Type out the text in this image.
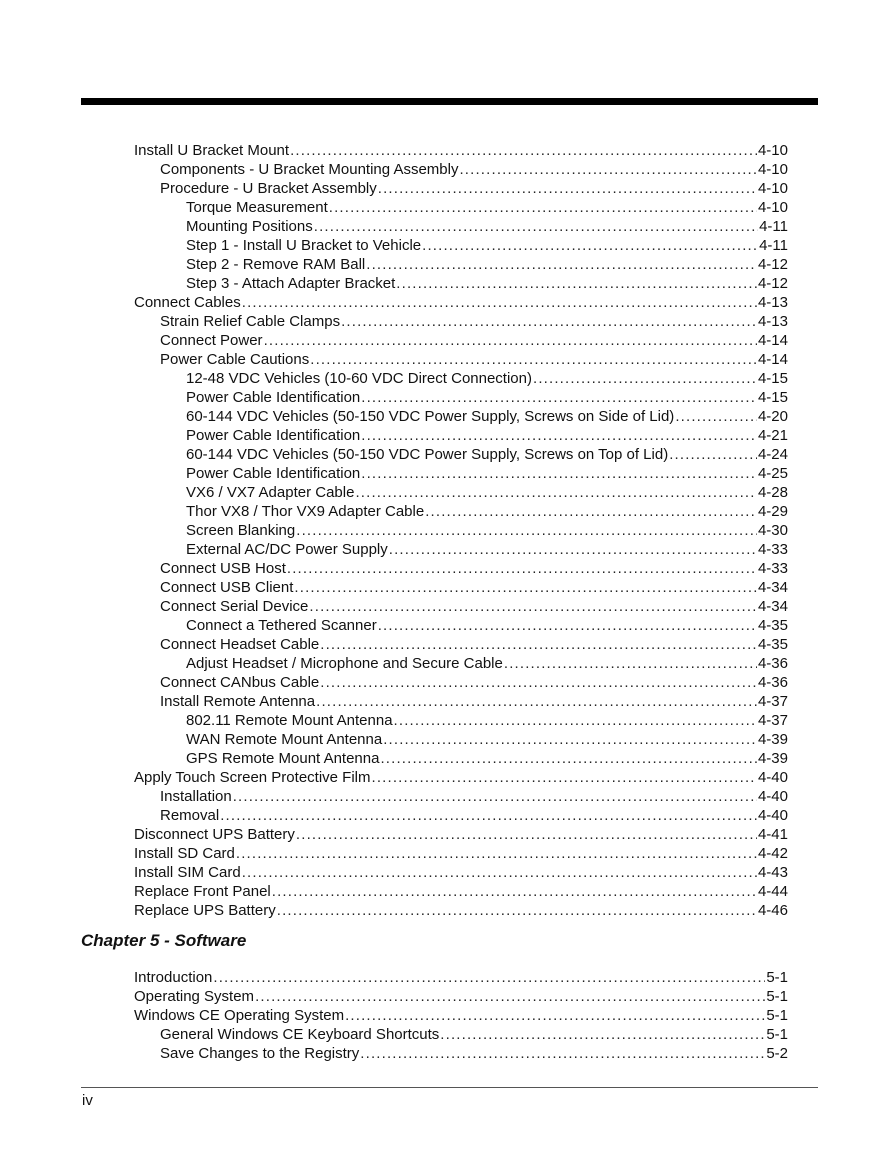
Install U Bracket Mount . . .	4-10
Components - U Bracket Mounting Assembly . . .	4-10
Procedure - U Bracket Assembly . . .	4-10
Torque Measurement . . .	4-10
Mounting Positions . . .	4-11
Step 1 - Install U Bracket to Vehicle . . .	4-11
Step 2 - Remove RAM Ball . . .	4-12
Step 3 - Attach Adapter Bracket . . .	4-12
Connect Cables . . .	4-13
Strain Relief Cable Clamps . . .	4-13
Connect Power . . .	4-14
Power Cable Cautions . . .	4-14
12-48 VDC Vehicles (10-60 VDC Direct Connection) . . .	4-15
Power Cable Identification . . .	4-15
60-144 VDC Vehicles (50-150 VDC Power Supply, Screws on Side of Lid) . . .	4-20
Power Cable Identification . . .	4-21
60-144 VDC Vehicles (50-150 VDC Power Supply, Screws on Top of Lid) . . .	4-24
Power Cable Identification . . .	4-25
VX6 / VX7 Adapter Cable . . .	4-28
Thor VX8 / Thor VX9 Adapter Cable . . .	4-29
Screen Blanking . . .	4-30
External AC/DC Power Supply . . .	4-33
Connect USB Host . . .	4-33
Connect USB Client . . .	4-34
Connect Serial Device . . .	4-34
Connect a Tethered Scanner . . .	4-35
Connect Headset Cable . . .	4-35
Adjust Headset / Microphone and Secure Cable . . .	4-36
Connect CANbus Cable . . .	4-36
Install Remote Antenna . . .	4-37
802.11 Remote Mount Antenna . . .	4-37
WAN Remote Mount Antenna . . .	4-39
GPS Remote Mount Antenna . . .	4-39
Apply Touch Screen Protective Film . . .	4-40
Installation . . .	4-40
Removal . . .	4-40
Disconnect UPS Battery . . .	4-41
Install SD Card . . .	4-42
Install SIM Card . . .	4-43
Replace Front Panel . . .	4-44
Replace UPS Battery . . .	4-46
Introduction . . .	5-1
Operating System . . .	5-1
Windows CE Operating System . . .	5-1
General Windows CE Keyboard Shortcuts . . .	5-1
Save Changes to the Registry . . .	5-2
Chapter 5 - Software
iv
